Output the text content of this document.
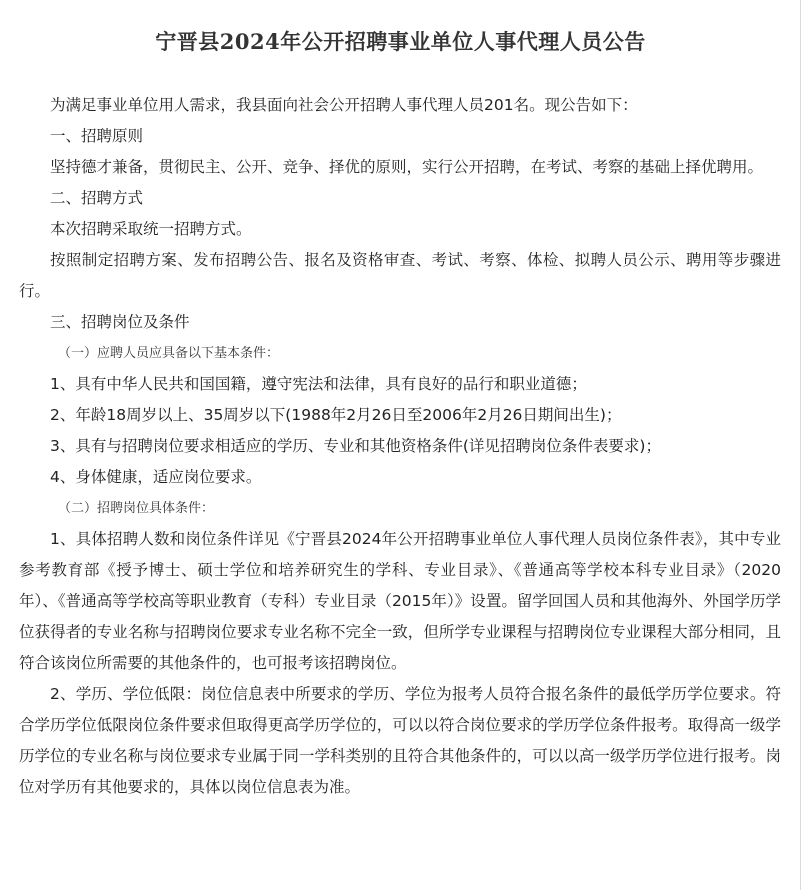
宁晋县2024年公开招聘事业单位人事代理人员公告

为满足事业单位用人需求，我县面向社会公开招聘人事代理人员201名。现公告如下：

一、招聘原则

坚持德才兼备，贯彻民主、公开、竞争、择优的原则，实行公开招聘，在考试、考察的基础上择优聘用。

二、招聘方式

本次招聘采取统一招聘方式。

按照制定招聘方案、发布招聘公告、报名及资格审查、考试、考察、体检、拟聘人员公示、聘用等步骤进行。

三、招聘岗位及条件

（一）应聘人员应具备以下基本条件：

1、具有中华人民共和国国籍，遵守宪法和法律，具有良好的品行和职业道德；

2、年龄18周岁以上、35周岁以下(1988年2月26日至2006年2月26日期间出生)；

3、具有与招聘岗位要求相适应的学历、专业和其他资格条件(详见招聘岗位条件表要求)；

4、身体健康，适应岗位要求。

（二）招聘岗位具体条件：

1、具体招聘人数和岗位条件详见《宁晋县2024年公开招聘事业单位人事代理人员岗位条件表》，其中专业参考教育部《授予博士、硕士学位和培养研究生的学科、专业目录》、《普通高等学校本科专业目录》（2020年）、《普通高等学校高等职业教育（专科）专业目录（2015年）》设置。留学回国人员和其他海外、外国学历学位获得者的专业名称与招聘岗位要求专业名称不完全一致，但所学专业课程与招聘岗位专业课程大部分相同，且符合该岗位所需要的其他条件的，也可报考该招聘岗位。

2、学历、学位低限：岗位信息表中所要求的学历、学位为报考人员符合报名条件的最低学历学位要求。符合学历学位低限岗位条件要求但取得更高学历学位的，可以以符合岗位要求的学历学位条件报考。取得高一级学历学位的专业名称与岗位要求专业属于同一学科类别的且符合其他条件的，可以以高一级学历学位进行报考。岗位对学历有其他要求的，具体以岗位信息表为准。
